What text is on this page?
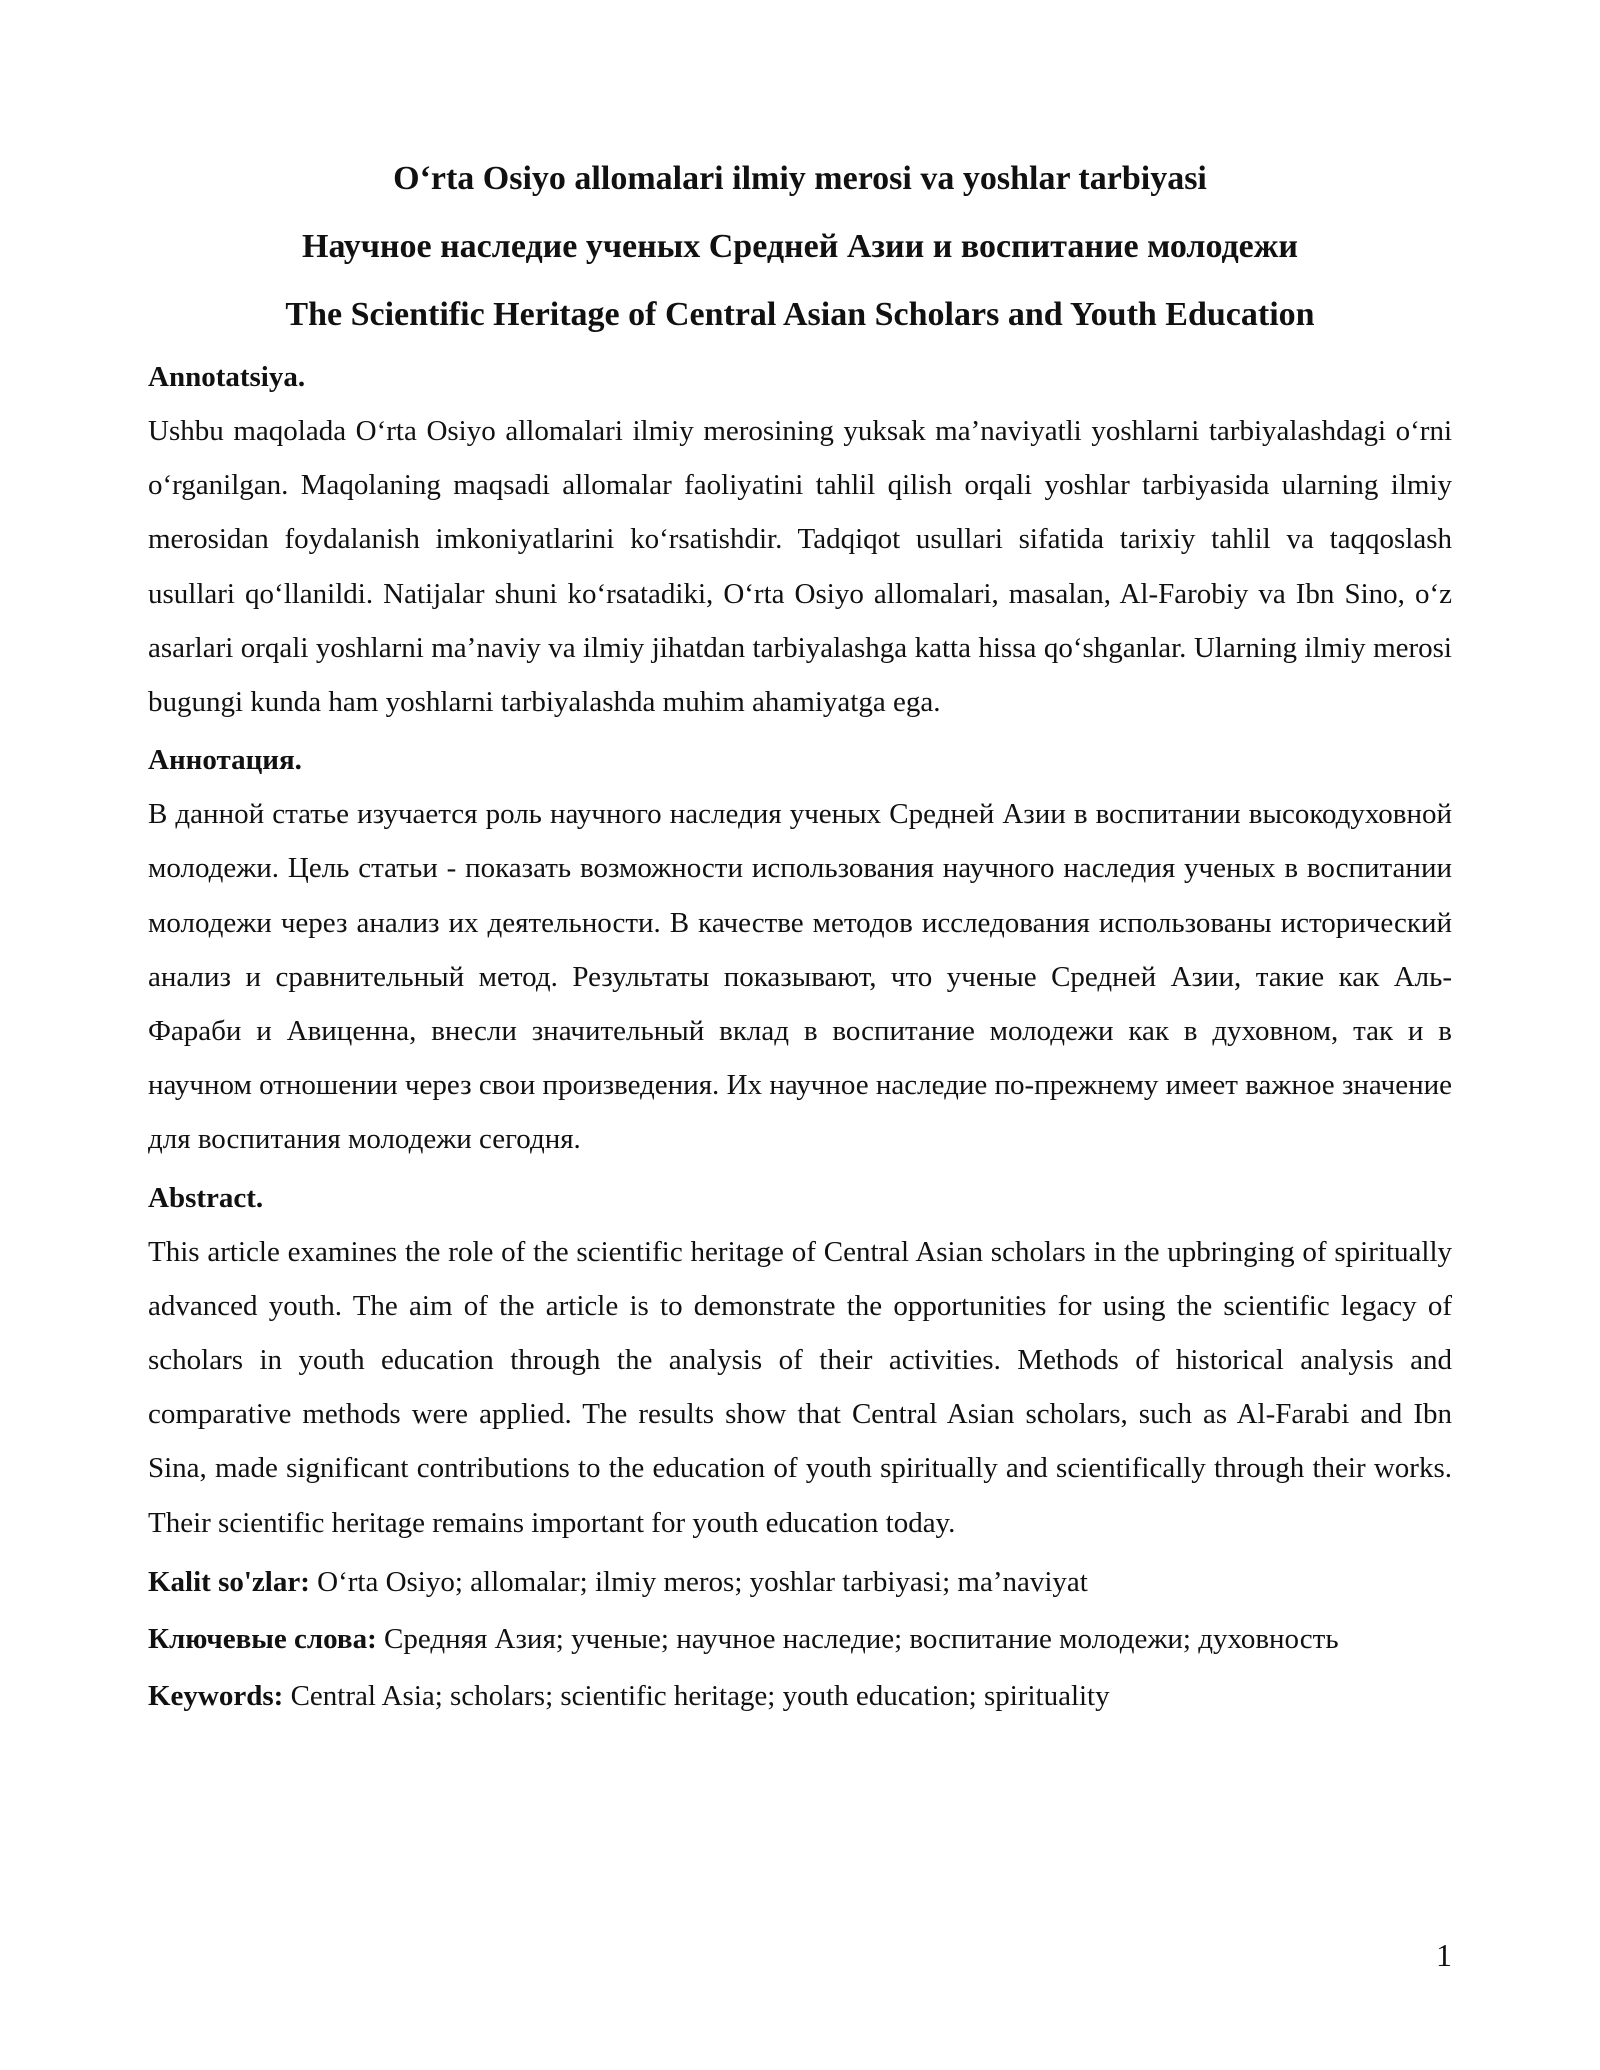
Oʻrta Osiyo allomalari ilmiy merosi va yoshlar tarbiyasi

Научное наследие ученых Средней Азии и воспитание молодежи

The Scientific Heritage of Central Asian Scholars and Youth Education

Annotatsiya.

Ushbu maqolada Oʻrta Osiyo allomalari ilmiy merosining yuksak maʼnaviyatli yoshlarni tarbiyalashdagi oʻrni oʻrganilgan. Maqolaning maqsadi allomalar faoliyatini tahlil qilish orqali yoshlar tarbiyasida ularning ilmiy merosidan foydalanish imkoniyatlarini koʻrsatishdir. Tadqiqot usullari sifatida tarixiy tahlil va taqqoslash usullari qoʻllanildi. Natijalar shuni koʻrsatadiki, Oʻrta Osiyo allomalari, masalan, Al-Farobiy va Ibn Sino, oʻz asarlari orqali yoshlarni maʼnaviy va ilmiy jihatdan tarbiyalashga katta hissa qoʻshganlar. Ularning ilmiy merosi bugungi kunda ham yoshlarni tarbiyalashda muhim ahamiyatga ega.

Аннотация.

В данной статье изучается роль научного наследия ученых Средней Азии в воспитании высокодуховной молодежи. Цель статьи - показать возможности использования научного наследия ученых в воспитании молодежи через анализ их деятельности. В качестве методов исследования использованы исторический анализ и сравнительный метод. Результаты показывают, что ученые Средней Азии, такие как Аль-Фараби и Авиценна, внесли значительный вклад в воспитание молодежи как в духовном, так и в научном отношении через свои произведения. Их научное наследие по-прежнему имеет важное значение для воспитания молодежи сегодня.

Abstract.

This article examines the role of the scientific heritage of Central Asian scholars in the upbringing of spiritually advanced youth. The aim of the article is to demonstrate the opportunities for using the scientific legacy of scholars in youth education through the analysis of their activities. Methods of historical analysis and comparative methods were applied. The results show that Central Asian scholars, such as Al-Farabi and Ibn Sina, made significant contributions to the education of youth spiritually and scientifically through their works. Their scientific heritage remains important for youth education today.

Kalit so'zlar: Oʻrta Osiyo; allomalar; ilmiy meros; yoshlar tarbiyasi; maʼnaviyat

Ключевые слова: Средняя Азия; ученые; научное наследие; воспитание молодежи; духовность

Keywords: Central Asia; scholars; scientific heritage; youth education; spirituality

1
